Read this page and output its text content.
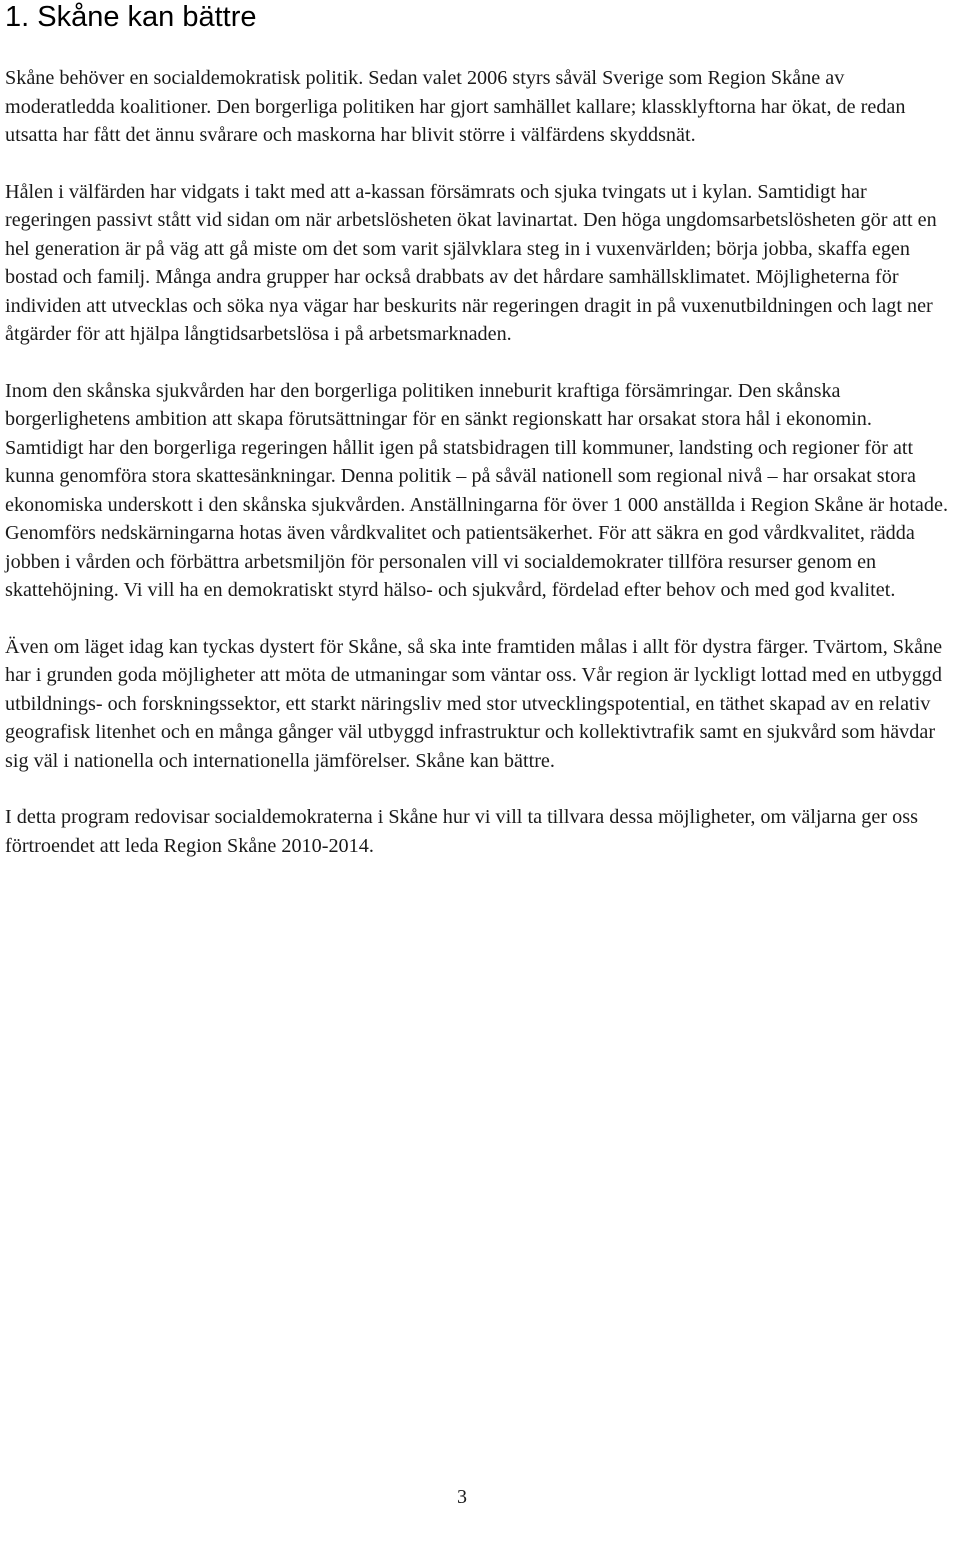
1. Skåne kan bättre

Skåne behöver en socialdemokratisk politik. Sedan valet 2006 styrs såväl Sverige som Region Skåne av moderatledda koalitioner. Den borgerliga politiken har gjort samhället kallare; klassklyftorna har ökat, de redan utsatta har fått det ännu svårare och maskorna har blivit större i välfärdens skyddsnät.

Hålen i välfärden har vidgats i takt med att a-kassan försämrats och sjuka tvingats ut i kylan. Samtidigt har regeringen passivt stått vid sidan om när arbetslösheten ökat lavinartat. Den höga ungdomsarbetslösheten gör att en hel generation är på väg att gå miste om det som varit självklara steg in i vuxenvärlden; börja jobba, skaffa egen bostad och familj. Många andra grupper har också drabbats av det hårdare samhällsklimatet. Möjligheterna för individen att utvecklas och söka nya vägar har beskurits när regeringen dragit in på vuxenutbildningen och lagt ner åtgärder för att hjälpa långtidsarbetslösa i på arbetsmarknaden.

Inom den skånska sjukvården har den borgerliga politiken inneburit kraftiga försämringar. Den skånska borgerlighetens ambition att skapa förutsättningar för en sänkt regionskatt har orsakat stora hål i ekonomin. Samtidigt har den borgerliga regeringen hållit igen på statsbidragen till kommuner, landsting och regioner för att kunna genomföra stora skattesänkningar. Denna politik – på såväl nationell som regional nivå – har orsakat stora ekonomiska underskott i den skånska sjukvården. Anställningarna för över 1 000 anställda i Region Skåne är hotade. Genomförs nedskärningarna hotas även vårdkvalitet och patientsäkerhet. För att säkra en god vårdkvalitet, rädda jobben i vården och förbättra arbetsmiljön för personalen vill vi socialdemokrater tillföra resurser genom en skattehöjning. Vi vill ha en demokratiskt styrd hälso- och sjukvård, fördelad efter behov och med god kvalitet.

Även om läget idag kan tyckas dystert för Skåne, så ska inte framtiden målas i allt för dystra färger. Tvärtom, Skåne har i grunden goda möjligheter att möta de utmaningar som väntar oss. Vår region är lyckligt lottad med en utbyggd utbildnings- och forskningssektor, ett starkt näringsliv med stor utvecklingspotential, en täthet skapad av en relativ geografisk litenhet och en många gånger väl utbyggd infrastruktur och kollektivtrafik samt en sjukvård som hävdar sig väl i nationella och internationella jämförelser. Skåne kan bättre.

I detta program redovisar socialdemokraterna i Skåne hur vi vill ta tillvara dessa möjligheter, om väljarna ger oss förtroendet att leda Region Skåne 2010-2014.

3
